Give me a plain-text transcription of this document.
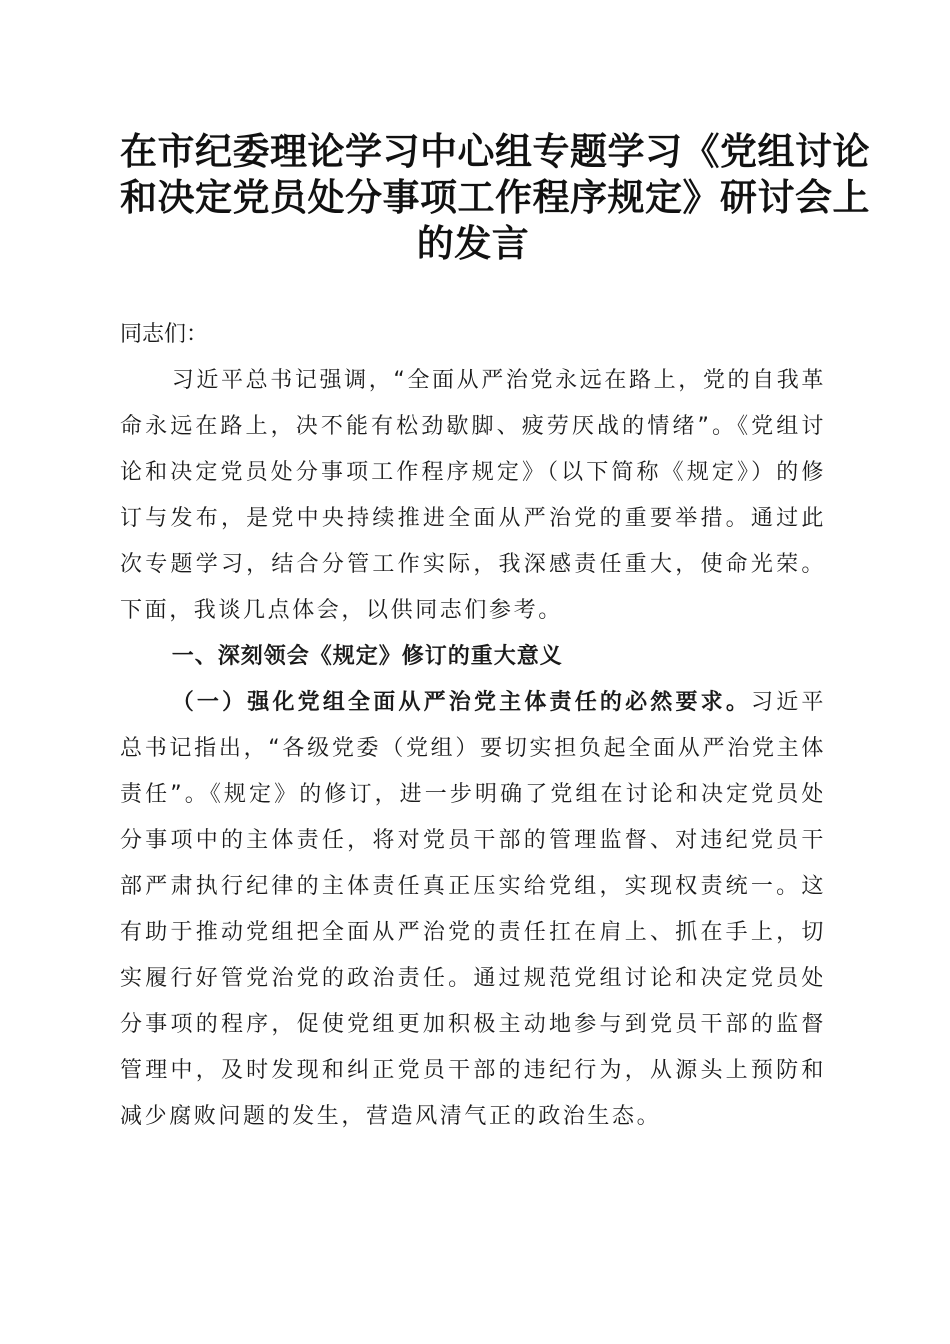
在市纪委理论学习中心组专题学习《党组讨论
和决定党员处分事项工作程序规定》研讨会上
的发言

同志们：

习近平总书记强调，“全面从严治党永远在路上，党的自我革命永远在路上，决不能有松劲歇脚、疲劳厌战的情绪”。《党组讨论和决定党员处分事项工作程序规定》（以下简称《规定》）的修订与发布，是党中央持续推进全面从严治党的重要举措。通过此次专题学习，结合分管工作实际，我深感责任重大，使命光荣。下面，我谈几点体会，以供同志们参考。

一、深刻领会《规定》修订的重大意义

（一）强化党组全面从严治党主体责任的必然要求。习近平总书记指出，“各级党委（党组）要切实担负起全面从严治党主体责任”。《规定》的修订，进一步明确了党组在讨论和决定党员处分事项中的主体责任，将对党员干部的管理监督、对违纪党员干部严肃执行纪律的主体责任真正压实给党组，实现权责统一。这有助于推动党组把全面从严治党的责任扛在肩上、抓在手上，切实履行好管党治党的政治责任。通过规范党组讨论和决定党员处分事项的程序，促使党组更加积极主动地参与到党员干部的监督管理中，及时发现和纠正党员干部的违纪行为，从源头上预防和减少腐败问题的发生，营造风清气正的政治生态。
